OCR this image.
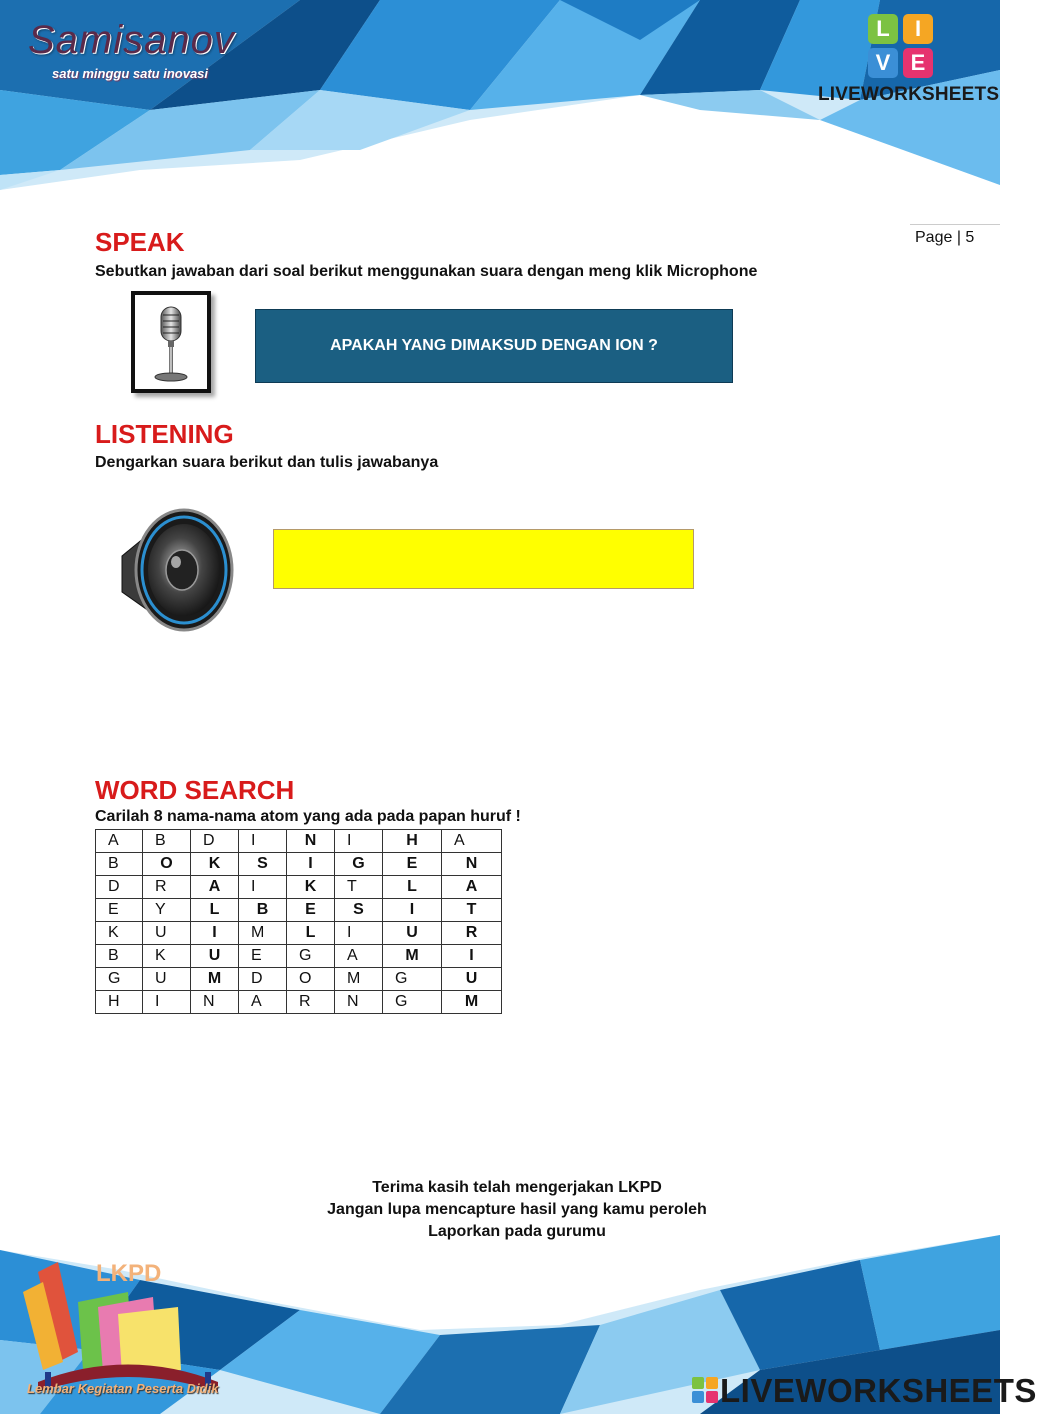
Samisanov
satu minggu satu inovasi
L	I
V E
LIVEWORKSHEETS
Page | 5
SPEAK
Sebutkan jawaban dari soal berikut menggunakan suara dengan meng klik Microphone
APAKAH YANG DIMAKSUD DENGAN ION ?
LISTENING
Dengarkan suara berikut dan tulis jawabanya
WORD SEARCH
Carilah 8 nama-nama atom yang ada pada papan huruf !
A	B	D	I	N	I	H	A
B	O	K	S	I	G	E	N
D	R	A	I	K	T	L	A
E	Y	L	B	E	S	I	T
K	U	I	M	L	I	U	R
B	K	U	E	G	A	M	I
G	U	M	D	O	M	G	U
H	I	N	A	R	N	G	M
Terima kasih telah mengerjakan LKPD
Jangan lupa mencapture hasil yang kamu peroleh
Laporkan pada gurumu
LKPD
Lembar Kegiatan Peserta Didik	LIVEWORKSHEETS
